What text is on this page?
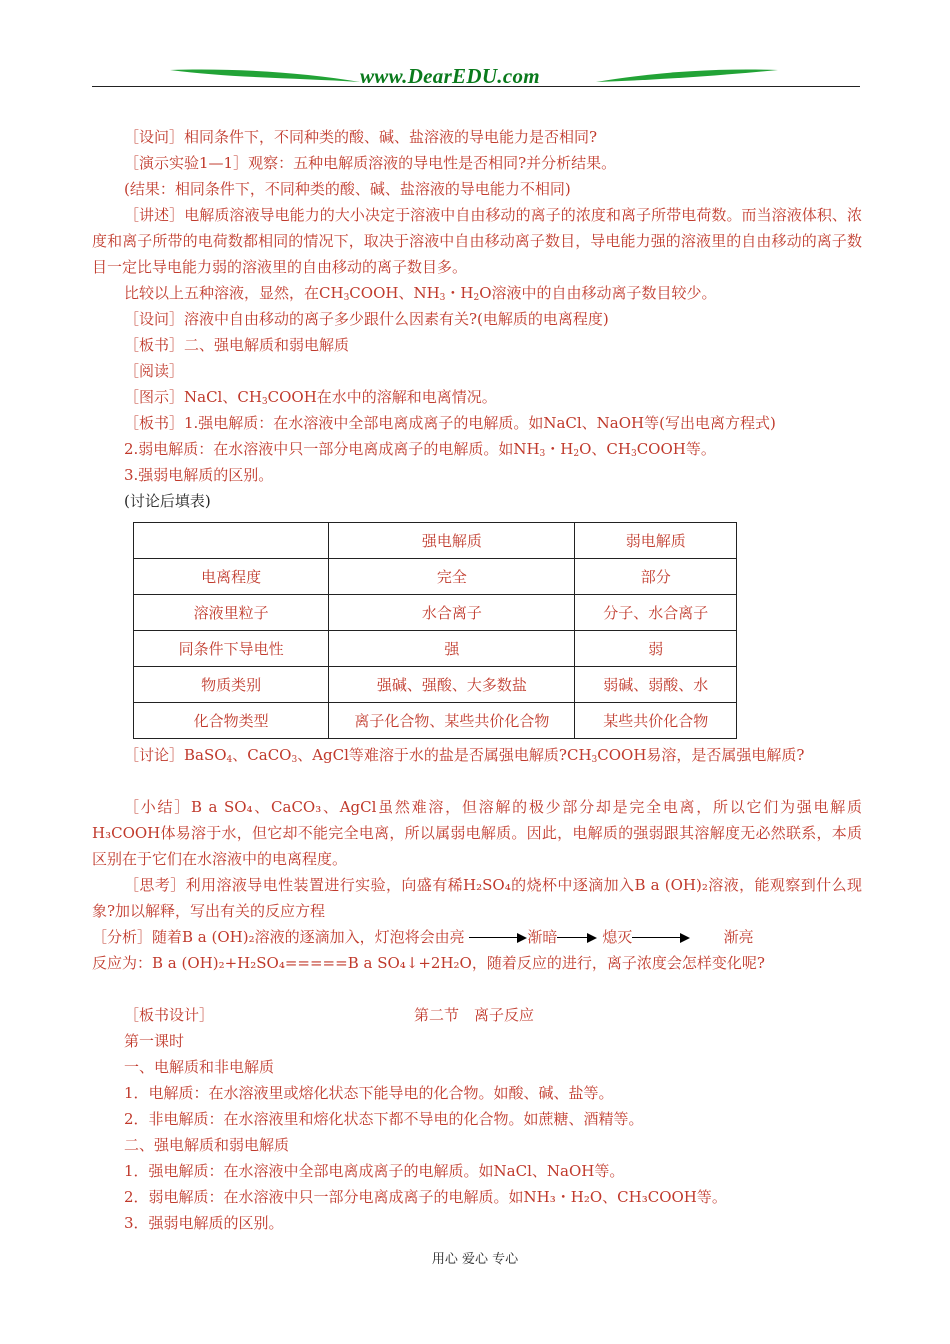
www.DearEDU.com
［设问］相同条件下，不同种类的酸、碱、盐溶液的导电能力是否相同?
［演示实验1—1］观察：五种电解质溶液的导电性是否相同?并分析结果。
(结果：相同条件下，不同种类的酸、碱、盐溶液的导电能力不相同)
［讲述］电解质溶液导电能力的大小决定于溶液中自由移动的离子的浓度和离子所带电荷数。而当溶液体积、浓度和离子所带的电荷数都相同的情况下，取决于溶液中自由移动离子数目，导电能力强的溶液里的自由移动的离子数目一定比导电能力弱的溶液里的自由移动的离子数目多。
比较以上五种溶液，显然，在$CH_3COOH$、$NH_3$・$H_2O$溶液中的自由移动离子数目较少。
［设问］溶液中自由移动的离子多少跟什么因素有关?(电解质的电离程度)
［板书］二、强电解质和弱电解质
［阅读］
［图示］NaCl、$CH_3COOH$在水中的溶解和电离情况。
［板书］1.强电解质：在水溶液中全部电离成离子的电解质。如NaCl、NaOH等(写出电离方程式)
2.弱电解质：在水溶液中只一部分电离成离子的电解质。如$NH_3$・$H_2O$、$CH_3COOH$等。
3.强弱电解质的区别。
(讨论后填表)
	强电解质	弱电解质
电离程度	完全	部分
溶液里粒子	水合离子	分子、水合离子
同条件下导电性	强	弱
物质类别	强碱、强酸、大多数盐	弱碱、弱酸、水
化合物类型	离子化合物、某些共价化合物	某些共价化合物
［讨论］BaSO$_4$、CaCO$_3$、AgCl等难溶于水的盐是否属强电解质$?CH_3COOH$易溶，是否属强电解质?
［小结］B a SO₄、CaCO₃、AgCl虽然难溶，但溶解的极少部分却是完全电离，所以它们为强电解质H₃COOH体易溶于水，但它却不能完全电离，所以属弱电解质。因此，电解质的强弱跟其溶解度无必然联系，本质区别在于它们在水溶液中的电离程度。
［思考］利用溶液导电性装置进行实验，向盛有稀H₂SO₄的烧杯中逐滴加入B a (OH)₂溶液，能观察到什么现象?加以解释，写出有关的反应方程
［分析］随着B a (OH)₂溶液的逐滴加入，灯泡将会由亮	渐暗	熄灭	渐亮
反应为：B a (OH)₂+H₂SO₄=====B a SO₄↓+2H₂O，随着反应的进行，离子浓度会怎样变化呢?
［板书设计］	第二节　离子反应
第一课时
一、电解质和非电解质
1．电解质：在水溶液里或熔化状态下能导电的化合物。如酸、碱、盐等。
2．非电解质：在水溶液里和熔化状态下都不导电的化合物。如蔗糖、酒精等。
二、强电解质和弱电解质
1．强电解质：在水溶液中全部电离成离子的电解质。如NaCl、NaOH等。
2．弱电解质：在水溶液中只一部分电离成离子的电解质。如NH₃・H₂O、CH₃COOH等。
3．强弱电解质的区别。
用心 爱心 专心
